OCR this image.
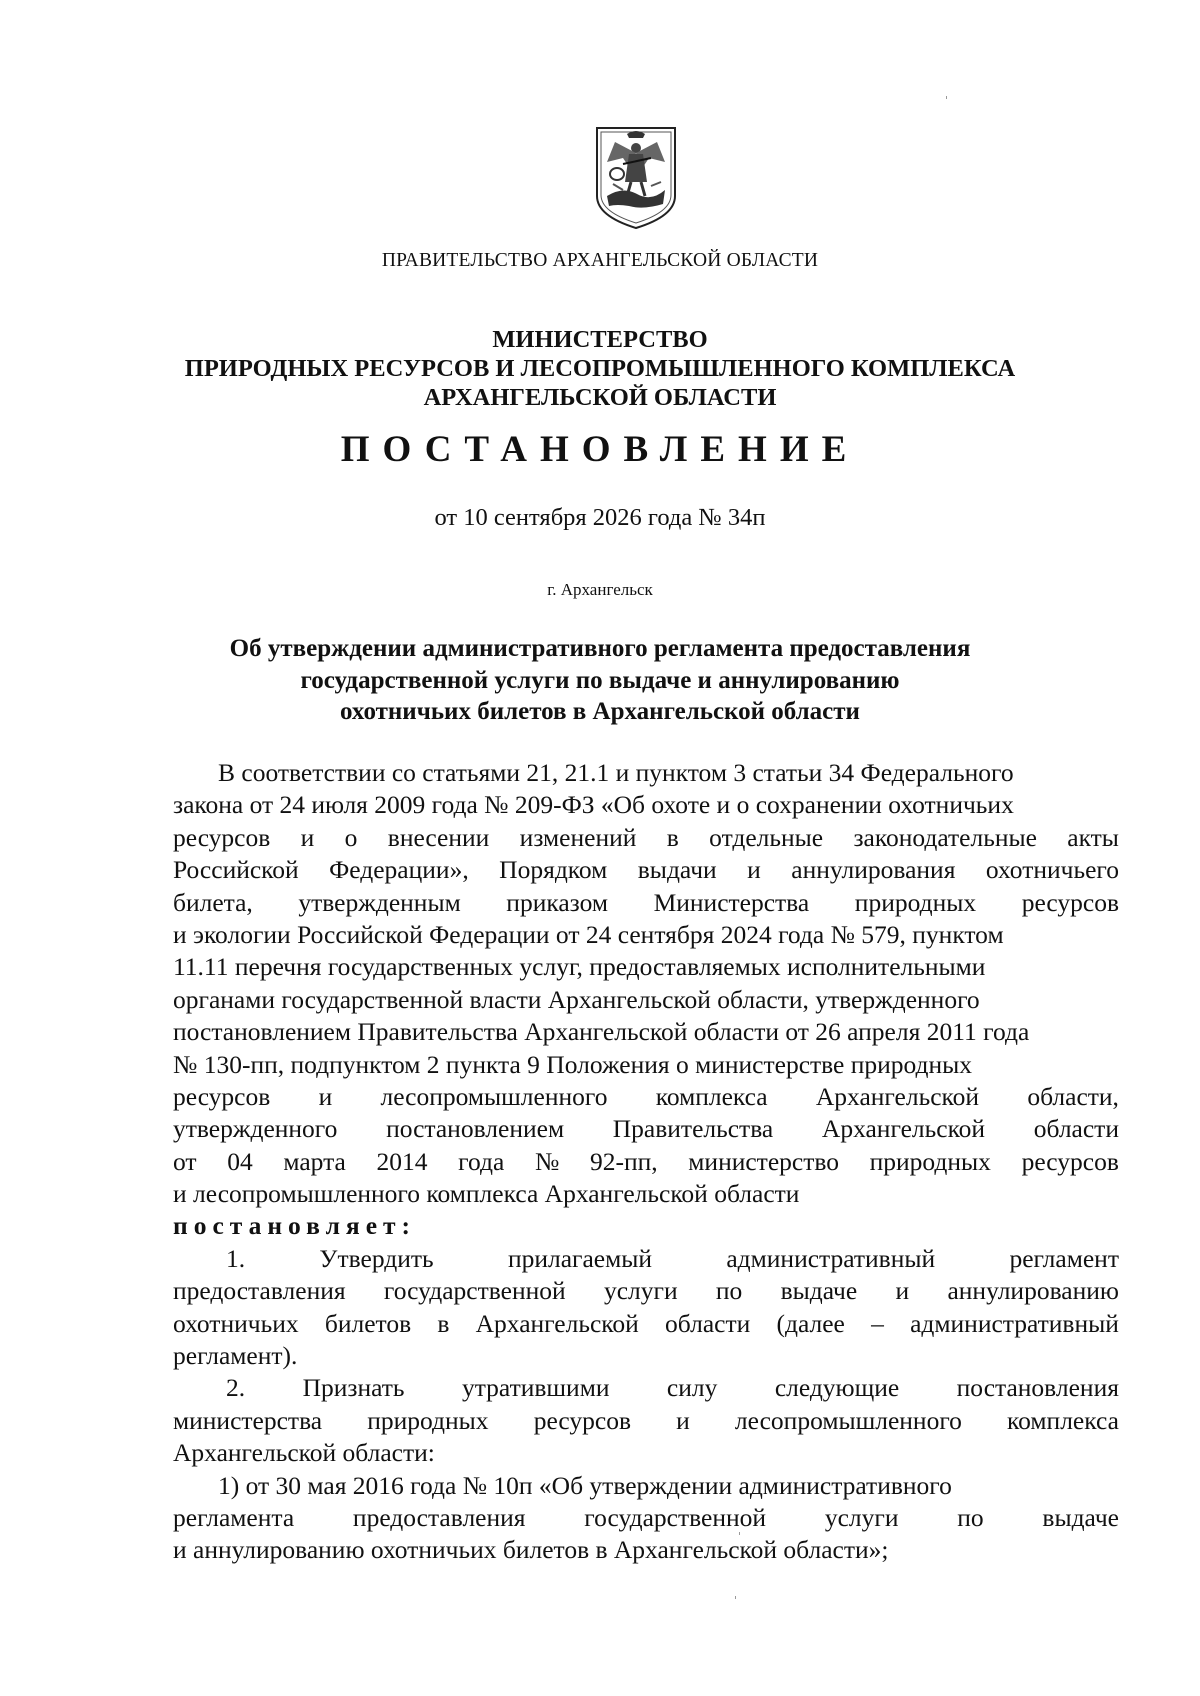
ПРАВИТЕЛЬСТВО АРХАНГЕЛЬСКОЙ ОБЛАСТИ
МИНИСТЕРСТВО
ПРИРОДНЫХ РЕСУРСОВ И ЛЕСОПРОМЫШЛЕННОГО КОМПЛЕКСА
АРХАНГЕЛЬСКОЙ ОБЛАСТИ
ПОСТАНОВЛЕНИЕ
от 10 сентября 2026 года № 34п
г. Архангельск
Об утверждении административного регламента предоставления
государственной услуги по выдаче и аннулированию
охотничьих билетов в Архангельской области
В соответствии со статьями 21, 21.1 и пунктом 3 статьи 34 Федерального
закона от 24 июля 2009 года № 209-ФЗ «Об охоте и о сохранении охотничьих
ресурсов и о внесении изменений в отдельные законодательные акты
Российской Федерации», Порядком выдачи и аннулирования охотничьего
билета, утвержденным приказом Министерства природных ресурсов
и экологии Российской Федерации от 24 сентября 2024 года № 579, пунктом
11.11 перечня государственных услуг, предоставляемых исполнительными
органами государственной власти Архангельской области, утвержденного
постановлением Правительства Архангельской области от 26 апреля 2011 года
№ 130-пп, подпунктом 2 пункта 9 Положения о министерстве природных
ресурсов и лесопромышленного комплекса Архангельской области,
утвержденного постановлением Правительства Архангельской области
от 04 марта 2014 года № 92-пп, министерство природных ресурсов
и лесопромышленного комплекса Архангельской области
постановляет:
1.	Утвердить	прилагаемый	административный	регламент
предоставления государственной услуги по выдаче и аннулированию
охотничьих билетов в Архангельской области (далее – административный
регламент).
2. Признать утратившими силу следующие постановления
министерства природных ресурсов и лесопромышленного комплекса
Архангельской области:
1) от 30 мая 2016 года № 10п «Об утверждении административного
регламента предоставления государственной услуги по выдаче
и аннулированию охотничьих билетов в Архангельской области»;
